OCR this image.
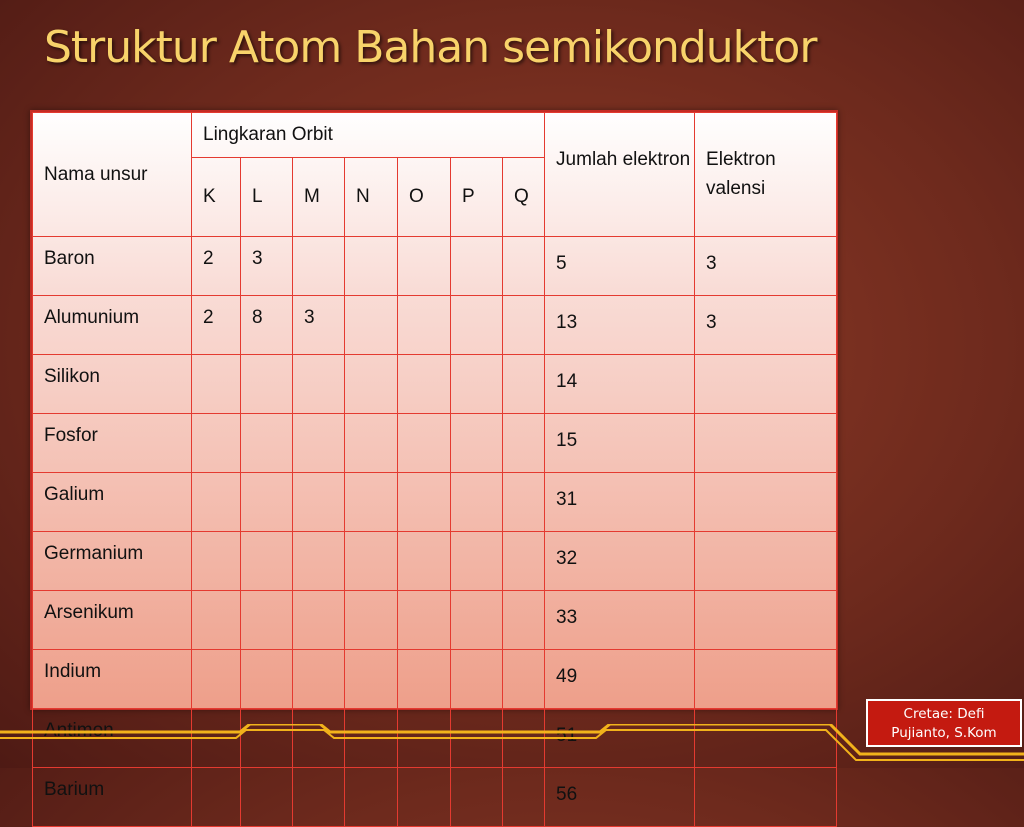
Struktur Atom Bahan semikonduktor
Nama unsur	Lingkaran Orbit							Jumlah elektron	Elektron valensi
	K	L	M	N	O	P	Q		
Baron	2	3						5	3
Alumunium	2	8	3					13	3
Silikon								14	
Fosfor								15	
Galium								31	
Germanium								32	
Arsenikum								33	
Indium								49	
Antimon								51	
Barium								56	
Cretae: Defi
Pujianto, S.Kom
